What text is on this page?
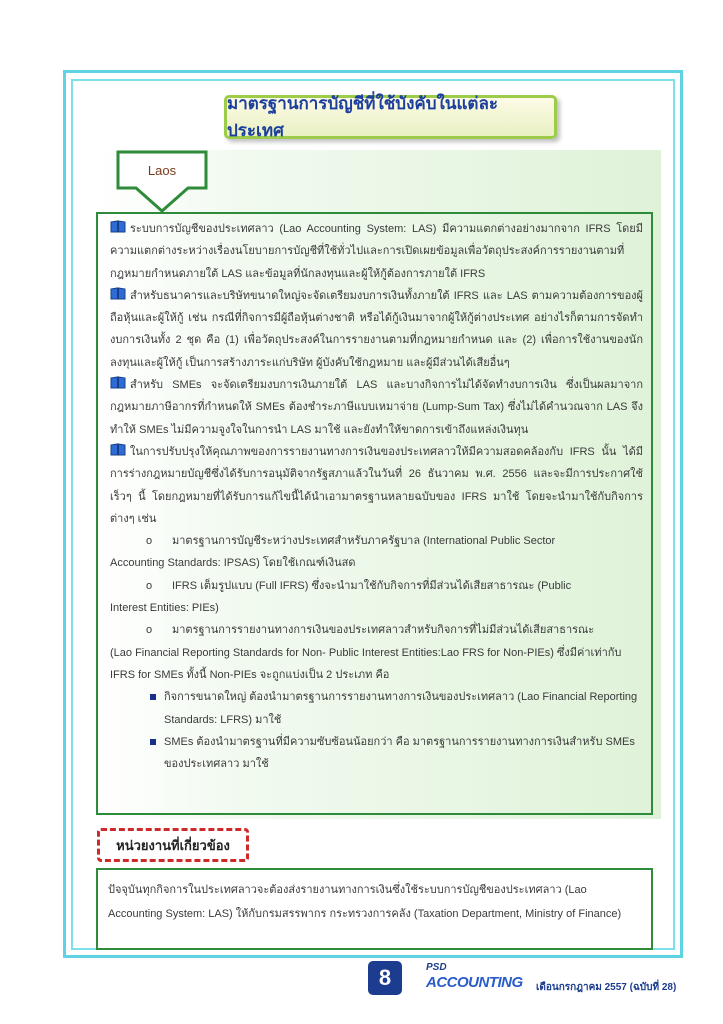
มาตรฐานการบัญชีที่ใช้บังคับในแต่ละประเทศ
Laos
ระบบการบัญชีของประเทศลาว (Lao Accounting System: LAS) มีความแตกต่างอย่างมากจาก IFRS โดยมีความแตกต่างระหว่างเรื่องนโยบายการบัญชีที่ใช้ทั่วไปและการเปิดเผยข้อมูลเพื่อวัตถุประสงค์การรายงานตามที่กฎหมายกำหนดภายใต้ LAS และข้อมูลที่นักลงทุนและผู้ให้กู้ต้องการภายใต้ IFRS
สำหรับธนาคารและบริษัทขนาดใหญ่จะจัดเตรียมงบการเงินทั้งภายใต้ IFRS และ LAS ตามความต้องการของผู้ถือหุ้นและผู้ให้กู้ เช่น กรณีที่กิจการมีผู้ถือหุ้นต่างชาติ หรือได้กู้เงินมาจากผู้ให้กู้ต่างประเทศ อย่างไรก็ตามการจัดทำงบการเงินทั้ง 2 ชุด คือ (1) เพื่อวัตถุประสงค์ในการรายงานตามที่กฎหมายกำหนด และ (2) เพื่อการใช้งานของนักลงทุนและผู้ให้กู้ เป็นการสร้างภาระแก่บริษัท ผู้บังคับใช้กฎหมาย และผู้มีส่วนได้เสียอื่นๆ
สำหรับ SMEs จะจัดเตรียมงบการเงินภายใต้ LAS และบางกิจการไม่ได้จัดทำงบการเงิน ซึ่งเป็นผลมาจากกฎหมายภาษีอากรที่กำหนดให้ SMEs ต้องชำระภาษีแบบเหมาจ่าย (Lump-Sum Tax) ซึ่งไม่ได้คำนวณจาก LAS จึงทำให้ SMEs ไม่มีความจูงใจในการนำ LAS มาใช้ และยังทำให้ขาดการเข้าถึงแหล่งเงินทุน
ในการปรับปรุงให้คุณภาพของการรายงานทางการเงินของประเทศลาวให้มีความสอดคล้องกับ IFRS นั้น ได้มีการร่างกฎหมายบัญชีซึ่งได้รับการอนุมัติจากรัฐสภาแล้วในวันที่ 26 ธันวาคม พ.ศ. 2556 และจะมีการประกาศใช้เร็วๆ นี้ โดยกฎหมายที่ได้รับการแก้ไขนี้ได้นำเอามาตรฐานหลายฉบับของ IFRS มาใช้ โดยจะนำมาใช้กับกิจการต่างๆ เช่น
o มาตรฐานการบัญชีระหว่างประเทศสำหรับภาครัฐบาล (International Public Sector
Accounting Standards: IPSAS) โดยใช้เกณฑ์เงินสด
o IFRS เต็มรูปแบบ (Full IFRS) ซึ่งจะนำมาใช้กับกิจการที่มีส่วนได้เสียสาธารณะ (Public
Interest Entities: PIEs)
o มาตรฐานการรายงานทางการเงินของประเทศลาวสำหรับกิจการที่ไม่มีส่วนได้เสียสาธารณะ
(Lao Financial Reporting Standards for Non- Public Interest Entities:Lao FRS for Non-PIEs) ซึ่งมีค่าเท่ากับ IFRS for SMEs ทั้งนี้ Non-PIEs จะถูกแบ่งเป็น 2 ประเภท คือ
กิจการขนาดใหญ่ ต้องนำมาตรฐานการรายงานทางการเงินของประเทศลาว (Lao Financial Reporting Standards: LFRS) มาใช้
SMEs ต้องนำมาตรฐานที่มีความซับซ้อนน้อยกว่า คือ มาตรฐานการรายงานทางการเงินสำหรับ SMEs ของประเทศลาว มาใช้
หน่วยงานที่เกี่ยวข้อง
ปัจจุบันทุกกิจการในประเทศลาวจะต้องส่งรายงานทางการเงินซึ่งใช้ระบบการบัญชีของประเทศลาว (Lao Accounting System: LAS) ให้กับกรมสรรพากร กระทรวงการคลัง (Taxation Department, Ministry of Finance)
8	PSD
ACCOUNTING เดือนกรกฎาคม 2557 (ฉบับที่ 28)
